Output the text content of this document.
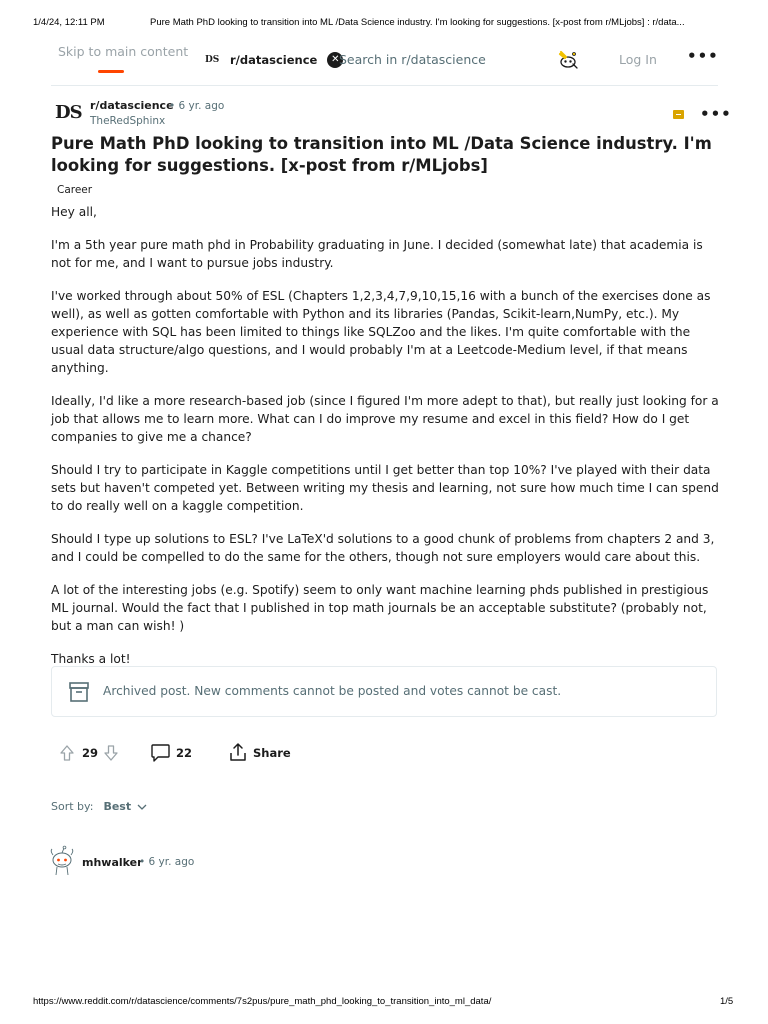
1/4/24, 12:11 PM	Pure Math PhD looking to transition into ML /Data Science industry. I'm looking for suggestions. [x-post from r/MLjobs] : r/data...
Skip to main content
DS r/datascience	✕ Search in r/datascience	Log In •••
DS r/datascience
• 6 yr. ago
TheRedSphinx	•••
Pure Math PhD looking to transition into ML /Data Science industry. I'm looking for suggestions. [x-post from r/MLjobs]
Career

Hey all,

I'm a 5th year pure math phd in Probability graduating in June. I decided (somewhat late) that academia is not for me, and I want to pursue jobs industry.

I've worked through about 50% of ESL (Chapters 1,2,3,4,7,9,10,15,16 with a bunch of the exercises done as well), as well as gotten comfortable with Python and its libraries (Pandas, Scikit-learn,NumPy, etc.). My experience with SQL has been limited to things like SQLZoo and the likes. I'm quite comfortable with the usual data structure/algo questions, and I would probably I'm at a Leetcode-Medium level, if that means anything.

Ideally, I'd like a more research-based job (since I figured I'm more adept to that), but really just looking for a job that allows me to learn more. What can I do improve my resume and excel in this field? How do I get companies to give me a chance?

Should I try to participate in Kaggle competitions until I get better than top 10%? I've played with their data sets but haven't competed yet. Between writing my thesis and learning, not sure how much time I can spend to do really well on a kaggle competition.

Should I type up solutions to ESL? I've LaTeX'd solutions to a good chunk of problems from chapters 2 and 3, and I could be compelled to do the same for the others, though not sure employers would care about this.

A lot of the interesting jobs (e.g. Spotify) seem to only want machine learning phds published in prestigious ML journal. Would the fact that I published in top math journals be an acceptable substitute? (probably not, but a man can wish! )

Thanks a lot!

Archived post. New comments cannot be posted and votes cannot be cast.
29	22	Share
Sort by: Best
mhwalker
• 6 yr. ago
https://www.reddit.com/r/datascience/comments/7s2pus/pure_math_phd_looking_to_transition_into_ml_data/	1/5
